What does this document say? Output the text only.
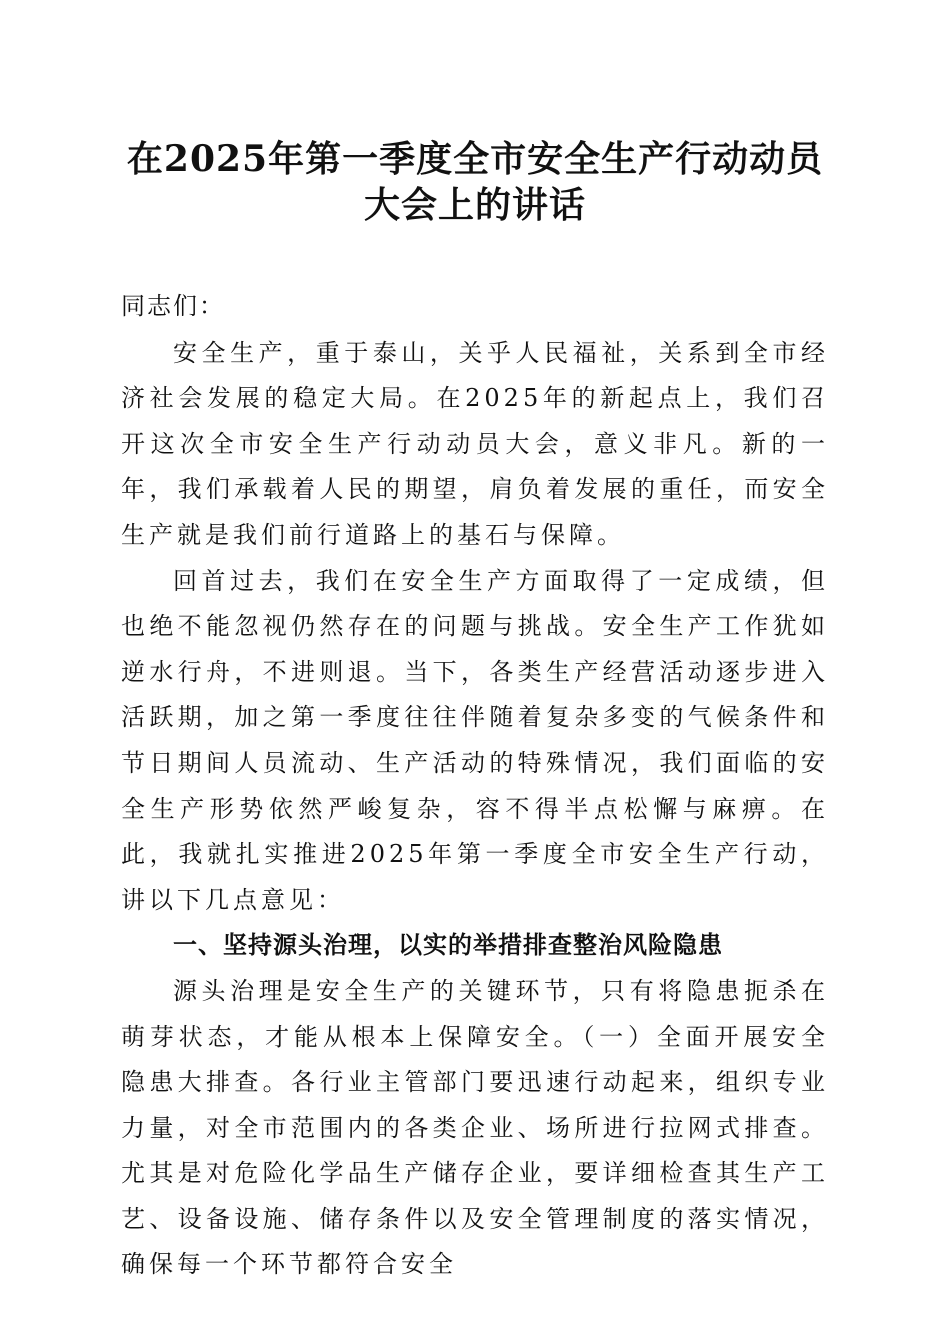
在2025年第一季度全市安全生产行动动员大会上的讲话

同志们：

安全生产，重于泰山，关乎人民福祉，关系到全市经济社会发展的稳定大局。在2025年的新起点上，我们召开这次全市安全生产行动动员大会，意义非凡。新的一年，我们承载着人民的期望，肩负着发展的重任，而安全生产就是我们前行道路上的基石与保障。

回首过去，我们在安全生产方面取得了一定成绩，但也绝不能忽视仍然存在的问题与挑战。安全生产工作犹如逆水行舟，不进则退。当下，各类生产经营活动逐步进入活跃期，加之第一季度往往伴随着复杂多变的气候条件和节日期间人员流动、生产活动的特殊情况，我们面临的安全生产形势依然严峻复杂，容不得半点松懈与麻痹。在此，我就扎实推进2025年第一季度全市安全生产行动，讲以下几点意见：

一、坚持源头治理，以实的举措排查整治风险隐患

源头治理是安全生产的关键环节，只有将隐患扼杀在萌芽状态，才能从根本上保障安全。（一）全面开展安全隐患大排查。各行业主管部门要迅速行动起来，组织专业力量，对全市范围内的各类企业、场所进行拉网式排查。尤其是对危险化学品生产储存企业，要详细检查其生产工艺、设备设施、储存条件以及安全管理制度的落实情况，确保每一个环节都符合安全
